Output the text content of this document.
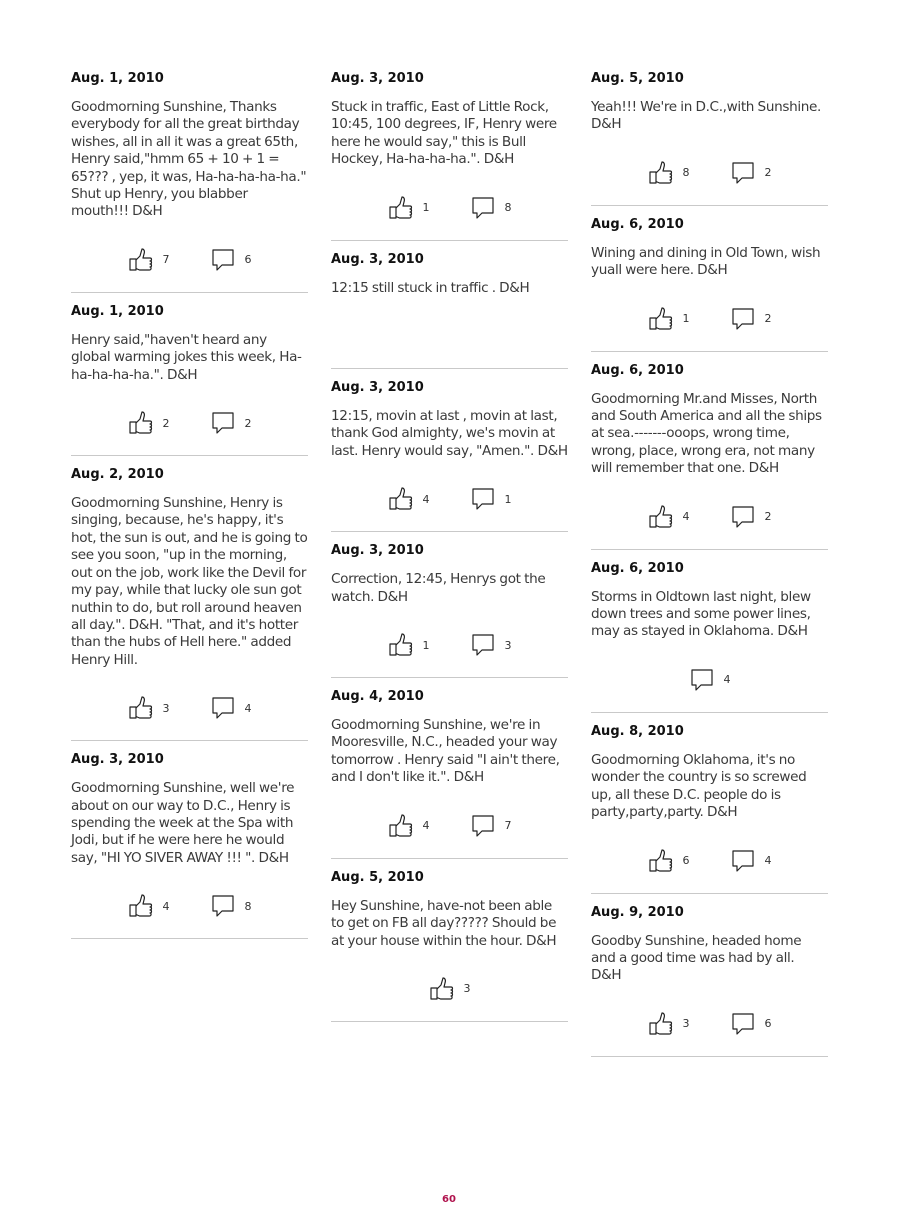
Aug. 1, 2010
Goodmorning Sunshine, Thanks everybody for all the great birthday wishes, all in all it was a great 65th, Henry said,"hmm 65 + 10 + 1 = 65??? , yep, it was, Ha-ha-ha-ha-ha." Shut up Henry, you blabber mouth!!! D&H
7	6
Aug. 1, 2010
Henry said,"haven't heard any global warming jokes this week, Ha-ha-ha-ha-ha.". D&H
2	2
Aug. 2, 2010
Goodmorning Sunshine, Henry is singing, because, he's happy, it's hot, the sun is out, and he is going to see you soon, "up in the morning, out on the job, work like the Devil for my pay, while that lucky ole sun got nuthin to do, but roll around heaven all day.". D&H. "That, and it's hotter than the hubs of Hell here." added Henry Hill.
3	4
Aug. 3, 2010
Goodmorning Sunshine, well we're about on our way to D.C., Henry is spending the week at the Spa with Jodi, but if he were here he would say, "HI YO SIVER AWAY !!! ". D&H
4	8
Aug. 3, 2010
Stuck in traffic, East of Little Rock, 10:45, 100 degrees, IF, Henry were here he would say," this is Bull Hockey, Ha-ha-ha-ha.". D&H
1	8
Aug. 3, 2010
12:15 still stuck in traffic . D&H
Aug. 3, 2010
12:15, movin at last , movin at last, thank God almighty, we's movin at last. Henry would say, "Amen.". D&H
4	1
Aug. 3, 2010
Correction, 12:45, Henrys got the watch. D&H
1	3
Aug. 4, 2010
Goodmorning Sunshine, we're in Mooresville, N.C., headed your way tomorrow . Henry said "I ain't there, and I don't like it.". D&H
4	7
Aug. 5, 2010
Hey Sunshine, have-not been able to get on FB all day????? Should be at your house within the hour. D&H
3
Aug. 5, 2010
Yeah!!! We're in D.C.,with Sunshine. D&H
8	2
Aug. 6, 2010
Wining and dining in Old Town, wish yuall were here. D&H
1	2
Aug. 6, 2010
Goodmorning Mr.and Misses, North and South America and all the ships at sea.-------ooops, wrong time, wrong, place, wrong era, not many will remember that one. D&H
4	2
Aug. 6, 2010
Storms in Oldtown last night, blew down trees and some power lines, may as stayed in Oklahoma. D&H
4
Aug. 8, 2010
Goodmorning Oklahoma, it's no wonder the country is so screwed up, all these D.C. people do is party,party,party. D&H
6	4
Aug. 9, 2010
Goodby Sunshine, headed home and a good time was had by all. D&H
3	6
60
